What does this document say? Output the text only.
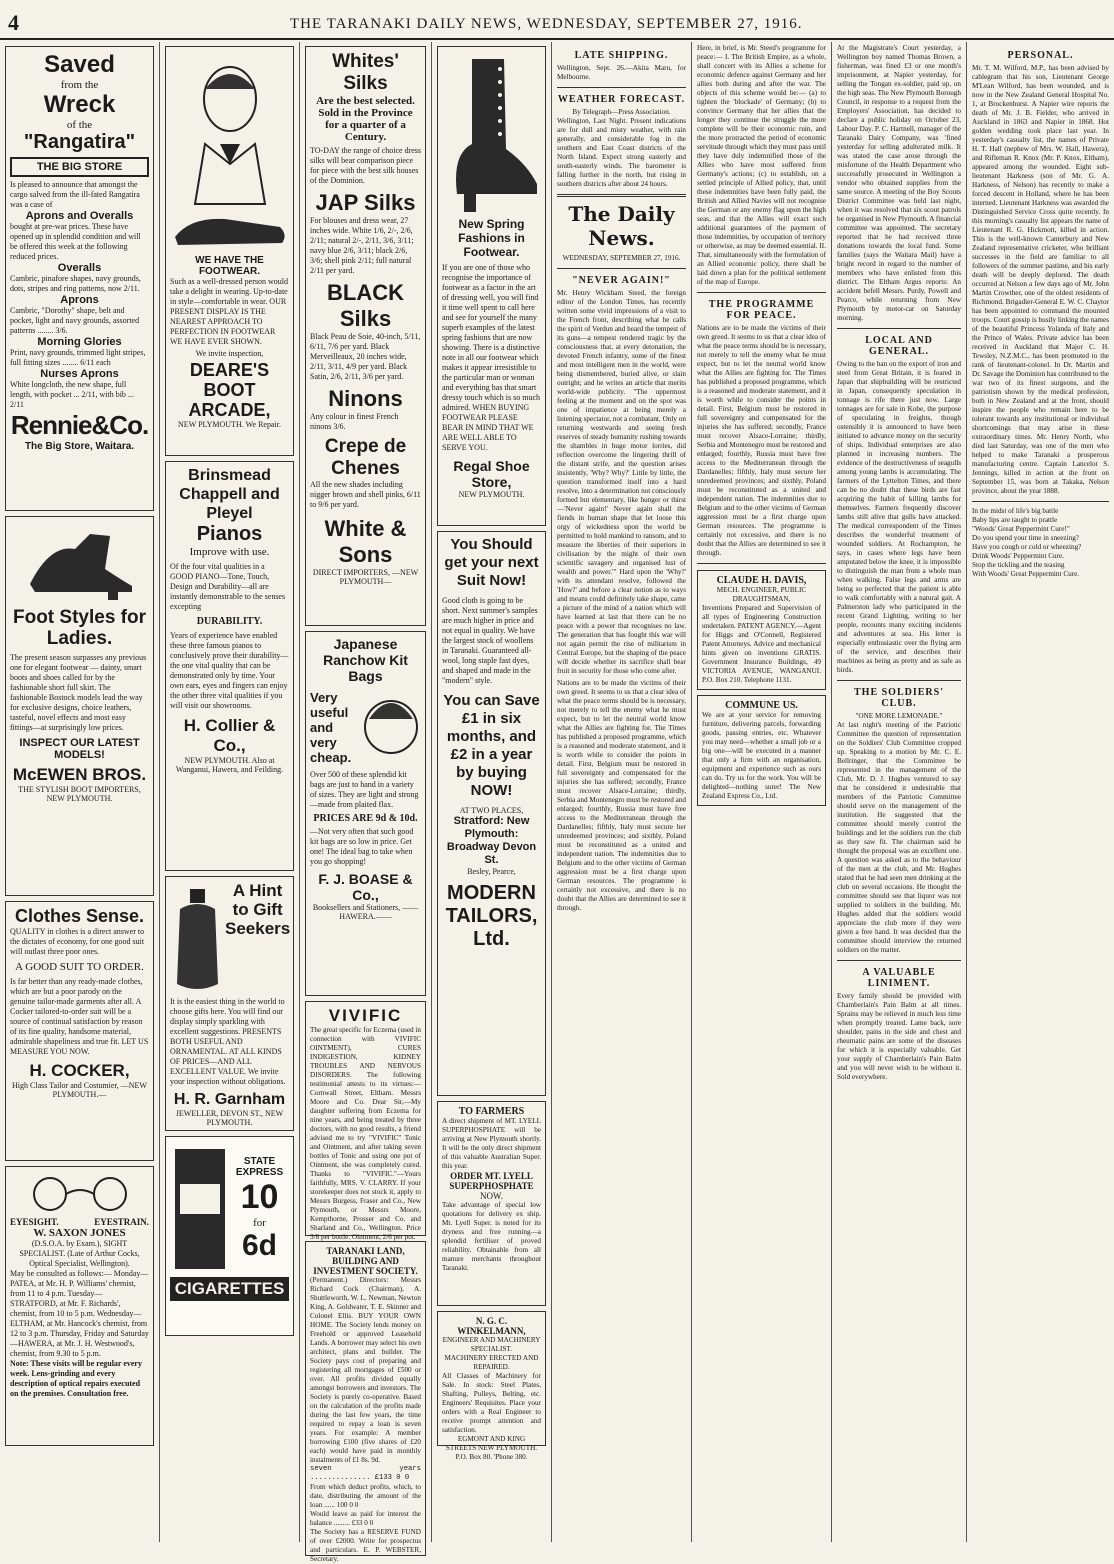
4	THE TARANAKI DAILY NEWS, WEDNESDAY, SEPTEMBER 27, 1916.
Saved
from the
Wreck
of the
"Rangatira"
THE BIG STORE
Is pleased to announce that amongst the cargo salved from the ill-fated Rangatira was a case of
Aprons and Overalls
bought at pre-war prices. These have opened up in splendid condition and will be offered this week at the following reduced prices.
Overalls
Cambric, pinafore shapes, navy grounds, dots, stripes and ring patterns, now 2/11.
Aprons
Cambric, "Dorothy" shape, belt and pocket, light and navy grounds, assorted patterns ........ 3/6.
Morning Glories
Print, navy grounds, trimmed light stripes, full fitting sizes ........ 6/11 each
Nurses Aprons
White longcloth, the new shape, full length, with pocket ... 2/11, with bib ... 2/11
Rennie&Co.
The Big Store, Waitara.
Foot Styles for Ladies.
The present season surpasses any previous one for elegant footwear — dainty, smart boots and shoes called for by the fashionable short full skirt. The fashionable Bostock models lead the way for exclusive designs, choice leathers, tasteful, novel effects and most easy fittings—at surprisingly low prices.
INSPECT OUR LATEST MODELS!
McEWEN BROS.
THE STYLISH BOOT IMPORTERS, NEW PLYMOUTH.
Clothes Sense.
QUALITY in clothes is a direct answer to the dictates of economy, for one good suit will outlast three poor ones.
A GOOD SUIT TO ORDER.
Is far better than any ready-made clothes, which are but a poor parody on the genuine tailor-made garments after all. A Cocker tailored-to-order suit will be a source of continual satisfaction by reason of its fine quality, handsome material, admirable shapeliness and true fit. LET US MEASURE YOU NOW.
H. COCKER,
High Class Tailor and Costumier, —NEW PLYMOUTH.—
EYESIGHT.	EYESTRAIN.
W. SAXON JONES
(D.S.O.A. by Exam.), SIGHT SPECIALIST. (Late of Arthur Cocks, Optical Specialist, Wellington).
May be consulted as follows:— Monday—PATEA, at Mr. H. P. Williams' chemist, from 11 to 4 p.m. Tuesday—STRATFORD, at Mr. F. Richards', chemist, from 10 to 5 p.m. Wednesday—ELTHAM, at Mr. Hancock's chemist, from 12 to 3 p.m. Thursday, Friday and Saturday—HAWERA, at Mr. J. H. Westwood's, chemist, from 9.30 to 5 p.m.
Note: These visits will be regular every week. Lens-grinding and every description of optical repairs executed on the premises. Consultation free.
WE HAVE THE FOOTWEAR.
Such as a well-dressed person would take a delight in wearing. Up-to-date in style—comfortable in wear. OUR PRESENT DISPLAY IS THE NEAREST APPROACH TO PERFECTION IN FOOTWEAR WE HAVE EVER SHOWN.
We invite inspection,
DEARE'S BOOT ARCADE,
NEW PLYMOUTH. We Repair.
Brinsmead Chappell and Pleyel
Pianos
Improve with use.
Of the four vital qualities in a GOOD PIANO—Tone, Touch, Design and Durability—all are instantly demonstrable to the senses excepting
DURABILITY.
Years of experience have enabled these three famous pianos to conclusively prove their durability—the one vital quality that can be demonstrated only by time. Your own ears, eyes and fingers can enjoy the other three vital qualities if you will visit our showrooms.
H. Collier & Co.,
NEW PLYMOUTH. Also at Wanganui, Hawera, and Feilding.
A Hint to Gift Seekers
It is the easiest thing in the world to choose gifts here. You will find our display simply sparkling with excellent suggestions. PRESENTS BOTH USEFUL AND ORNAMENTAL. AT ALL KINDS OF PRICES—AND ALL EXCELLENT VALUE. We invite your inspection without obligations.
H. R. Garnham
JEWELLER, DEVON ST., NEW PLYMOUTH.
STATE EXPRESS
10
for
6d
CIGARETTES
Whites' Silks
Are the best selected. Sold in the Province for a quarter of a Century.
TO-DAY the range of choice dress silks will bear comparison piece for piece with the best silk houses of the Dominion.
JAP Silks
For blouses and dress wear, 27 inches wide. White 1/6, 2/-, 2/6, 2/11; natural 2/-, 2/11, 3/6, 3/11; navy blue 2/6, 3/11; black 2/6, 3/6; shell pink 2/11; full natural 2/11 per yard.
BLACK Silks
Black Peau de Soie, 40-inch, 5/11, 6/11, 7/6 per yard. Black Merveilleaux, 20 inches wide, 2/11, 3/11, 4/9 per yard. Black Satin, 2/6, 2/11, 3/6 per yard.
Ninons
Any colour in finest French ninons 3/6.
Crepe de Chenes
All the new shades including nigger brown and shell pinks, 6/11 to 9/6 per yard.
White & Sons
DIRECT IMPORTERS, —NEW PLYMOUTH—
Japanese Ranchow Kit Bags
Very useful and very cheap.
Over 500 of these splendid kit bags are just to hand in a variety of sizes. They are light and strong—made from plaited flax.
PRICES ARE 9d & 10d.
—Not very often that such good kit bags are so low in price. Get one! The ideal bag to take when you go shopping!
F. J. BOASE & Co.,
Booksellers and Stationers, ——HAWERA.——
VIVIFIC
The great specific for Eczema (used in connection with VIVIFIC OINTMENT), CURES INDIGESTION, KIDNEY TROUBLES AND NERVOUS DISORDERS. The following testimonial attests to its virtues:— Cornwall Street, Eltham. Messrs Moore and Co. Dear Sir,—My daughter suffering from Eczema for nine years, and being treated by three doctors, with no good results, a friend advised me to try "VIVIFIC" Tonic and Ointment, and after taking seven bottles of Tonic and using one pot of Ointment, she was completely cured. Thanks to "VIVIFIC."—Yours faithfully, MRS. V. CLARRY. If your storekeeper does not stock it, apply to Messrs Burgess, Fraser and Co., New Plymouth, or Messrs Moore, Kempthorne, Prosser and Co. and Sharland and Co., Wellington. Price 3/6 per bottle. Ointment, 2/6 per pot.
TARANAKI LAND, BUILDING AND INVESTMENT SOCIETY.
(Permanent.) Directors: Messrs Richard Cock (Chairman), A. Shuttleworth, W. L. Newman, Newton King, A. Goldwater, T. E. Skinner and Colonel Ellis. BUY YOUR OWN HOME. The Society lends money on Freehold or approved Leasehold Lands. A borrower may select his own architect, plans and builder. The Society pays cost of preparing and registering all mortgages of £500 or over. All profits divided equally amongst borrowers and investors. The Society is purely co-operative. Based on the calculation of the profits made during the last few years, the time required to repay a loan is seven years. For example: A member borrowing £100 (five shares of £20 each) would have paid in monthly instalments of £1 8s. 9d.
seven years .............. £133 0 0
From which deduct profits, which, to date, distributing the amount of the loan ...... 100 0 0
Would leave as paid for interest the balance ......... £33 0 0
The Society has a RESERVE FUND of over £2000. Write for prospectus and particulars. E. P. WEBSTER, Secretary.
New Spring Fashions in Footwear.
If you are one of those who recognise the importance of footwear as a factor in the art of dressing well, you will find it time well spent to call here and see for yourself the many superb examples of the latest spring fashions that are now showing. There is a distinctive note in all our footwear which makes it appear irresistible to the particular man or woman and everything has that smart dressy touch which is so much admired. WHEN BUYING FOOTWEAR PLEASE BEAR IN MIND THAT WE ARE WELL ABLE TO SERVE YOU.
Regal Shoe Store,
NEW PLYMOUTH.
You Should get your next Suit Now!
Good cloth is going to be short. Next summer's samples are much higher in price and not equal in quality. We have the largest stock of woollens in Taranaki. Guaranteed all-wool, long staple fast dyes, and shaped and made in the "modern" style.
You can Save £1 in six months, and £2 in a year by buying NOW!
AT TWO PLACES,
Stratford: New Plymouth: Broadway Devon St.
Besley, Pearce,
MODERN TAILORS, Ltd.
TO FARMERS
A direct shipment of MT. LYELL SUPERPHOSPHATE will be arriving at New Plymouth shortly. It will be the only direct shipment of this valuable Australian Super. this year.
ORDER MT. LYELL
SUPERPHOSPHATE
NOW.
Take advantage of special low quotations for delivery ex ship. Mt. Lyell Super. is noted for its dryness and free running—a splendid fertiliser of proved reliability. Obtainable from all manure merchants throughout Taranaki.
N. G. C. WINKELMANN,
ENGINEER AND MACHINERY SPECIALIST.
MACHINERY ERECTED AND REPAIRED.
All Classes of Machinery for Sale. In stock: Steel Plates, Shafting, Pulleys, Belting, etc. Engineers' Requisites. Place your orders with a Real Engineer to receive prompt attention and satisfaction.
EGMONT AND KING STREETS NEW PLYMOUTH.
P.O. Box 80. 'Phone 380.
LATE SHIPPING.
Wellington, Sept. 26.—Akita Maru, for Melbourne.
WEATHER FORECAST.
By Telegraph—Press Association.
Wellington, Last Night. Present indications are for dull and misty weather, with rain generally, and considerable fog in the southern and East Coast districts of the North Island. Expect strong easterly and south-easterly winds. The barometer is falling further in the north, but rising in southern districts after about 24 hours.
The Daily News.
WEDNESDAY, SEPTEMBER 27, 1916.
"NEVER AGAIN!"
Mr. Henry Wickham Steed, the foreign editor of the London Times, has recently written some vivid impressions of a visit to the French front, describing what he calls the spirit of Verdun and heard the tempest of its guns—a tempest rendered tragic by the consciousness that, at every detonation, the devoted French infantry, some of the finest and most intelligent men in the world, were being dismembered, buried alive, or slain outright; and he writes an article that merits world-wide publicity. "The uppermost feeling at the moment and on the spot was one of impatience at being merely a listening spectator, not a combatant. Only on returning westwards and seeing fresh reserves of steady humanity rushing towards the shambles in huge motor lorries, did reflection overcome the lingering thrill of the distant strife, and the question arises insistently, 'Why? Why?' Little by little, the question transformed itself into a hard resolve, into a determination not consciously formed but elementary, like hunger or thirst—'Never again!' Never again shall the fiends in human shape that let loose this orgy of wickedness upon the world be permitted to hold mankind to ransom, and to measure the liberties of their superiors in civilisation by the might of their own scientific savagery and organised lust of wealth and power.'" Hard upon the 'Why?' with its attendant resolve, followed the 'How?' and before a clear notion as to ways and means could definitely take shape, came a picture of the mind of a nation which will have learned at last that there can be no peace with a power that recognises no law. The generation that has fought this war will not again permit the rise of militarism in Central Europe, but the shaping of the peace will decide whether its sacrifice shall bear fruit in security for those who come after.
Nations are to be made the victims of their own greed. It seems to us that a clear idea of what the peace terms should be is necessary, not merely to tell the enemy what he must expect, but to let the neutral world know what the Allies are fighting for. The Times has published a proposed programme, which is a reasoned and moderate statement, and it is worth while to consider the points in detail. First, Belgium must be restored in full sovereignty and compensated for the injuries she has suffered; secondly, France must recover Alsace-Lorraine; thirdly, Serbia and Montenegro must be restored and enlarged; fourthly, Russia must have free access to the Mediterranean through the Dardanelles; fifthly, Italy must secure her unredeemed provinces; and sixthly, Poland must be reconstituted as a united and independent nation. The indemnities due to Belgium and to the other victims of German aggression must be a first charge upon German resources. The programme is certainly not excessive, and there is no doubt that the Allies are determined to see it through.
Here, in brief, is Mr. Steed's programme for peace:— I. The British Empire, as a whole, shall concert with its Allies a scheme for economic defence against Germany and her allies both during and after the war. The objects of this scheme would be:— (a) to tighten the 'blockade' of Germany; (b) to convince Germany that her allies that the longer they continue the struggle the more complete will be their economic ruin, and the more protracted the period of economic servitude through which they must pass until they have duly indemnified those of the Allies who have most suffered from Germany's actions; (c) to establish, on a settled principle of Allied policy, that, until these indemnities have been fully paid, the British and Allied Navies will not recognise the German or any enemy flag upon the high seas, and that the Allies will exact such additional guarantees of the payment of those indemnities, by occupation of territory or otherwise, as may be deemed essential. II. That, simultaneously with the formulation of an Allied economic policy, there shall be laid down a plan for the political settlement of the map of Europe.
THE PROGRAMME FOR PEACE.
Nations are to be made the victims of their own greed. It seems to us that a clear idea of what the peace terms should be is necessary, not merely to tell the enemy what he must expect, but to let the neutral world know what the Allies are fighting for. The Times has published a proposed programme, which is a reasoned and moderate statement, and it is worth while to consider the points in detail. First, Belgium must be restored in full sovereignty and compensated for the injuries she has suffered; secondly, France must recover Alsace-Lorraine; thirdly, Serbia and Montenegro must be restored and enlarged; fourthly, Russia must have free access to the Mediterranean through the Dardanelles; fifthly, Italy must secure her unredeemed provinces; and sixthly, Poland must be reconstituted as a united and independent nation. The indemnities due to Belgium and to the other victims of German aggression must be a first charge upon German resources. The programme is certainly not excessive, and there is no doubt that the Allies are determined to see it through.
CLAUDE H. DAVIS,
MECH. ENGINEER, PUBLIC DRAUGHTSMAN,
Inventions Prepared and Supervision of all types of Engineering Construction undertaken. PATENT AGENCY.—Agent for Higgs and O'Connell, Registered Patent Attorneys. Advice and mechanical hints given on inventions GRATIS. Government Insurance Buildings, 49 VICTORIA AVENUE, WANGANUI. P.O. Box 210. Telephone 1131.
COMMUNE US.
We are at your service for removing furniture, delivering parcels, forwarding goods, passing entries, etc. Whatever you may need—whether a small job or a big one—will be executed in a manner that only a firm with an organisation, equipment and experience such as ours can do. Try us for the work. You will be delighted—nothing surer! The New Zealand Express Co., Ltd.
At the Magistrate's Court yesterday, a Wellington boy named Thomas Brown, a fisherman, was fined £3 or one month's imprisonment, at Napier yesterday, for selling the Tongan ex-soldier, paid up, on the high seas. The New Plymouth Borough Council, in response to a request from the Employers' Association, has decided to declare a public holiday on October 23, Labour Day. P. C. Hartnell, manager of the Taranaki Dairy Company, was 'fined yesterday for selling adulterated milk. It was stated the case arose through the misfortune of the Health Department who successfully prosecuted in Wellington a vendor who obtained supplies from the same source. A meeting of the Boy Scouts District Committee was held last night, when it was resolved that six scout patrols be organised in New Plymouth. A financial committee was appointed. The secretary reported that he had received three donations towards the local fund. Some families (says the Waitara Mail) have a bright record in regard to the number of members who have enlisted from this district. The Eltham Argus reports: An accident befell Messrs. Purdy, Powell and Pearce, while returning from New Plymouth by motor-car on Saturday morning.
LOCAL AND GENERAL.
Owing to the ban on the export of iron and steel from Great Britain, it is feared in Japan that shipbuilding will be restricted in Japan, consequently speculation in tonnage is rife there just now. Large tonnages are for sale in Kobe, the purpose of speculating in freights, though ostensibly it is announced to have been initiated to advance money on the security of ships. Individual enterprises are also planned in increasing numbers. The evidence of the destructiveness of seagulls among young lambs is accumulating. The farmers of the Lyttelton Times, and there can be no doubt that these birds are fast acquiring the habit of killing lambs for themselves. Farmers frequently discover lambs still alive that gulls have attacked. The medical correspondent of the Times describes the wonderful treatment of wounded soldiers. At Rochampton, he says, in cases where legs have been amputated below the knee, it is impossible to distinguish the man from a whole man when walking. False legs and arms are being so perfected that the patient is able to walk comfortably with a natural gait. A Palmerston lady who participated in the recent Grand Lighting, writing to her people, recounts many exciting incidents and adventures at sea. His letter is especially enthusiastic over the flying arm of the service, and describes their machines as being as pretty and as safe as birds.
THE SOLDIERS' CLUB.
"ONE MORE LEMONADE."
At last night's meeting of the Patriotic Committee the question of representation on the Soldiers' Club Committee cropped up. Speaking to a motion by Mr. C. E. Bellringer, that the Committee be represented in the management of the Club, Mr. D. J. Hughes ventured to say that he considered it undesirable that members of the Patriotic Committee should serve on the management of the institution. He suggested that the committee should merely control the buildings and let the soldiers run the club as they saw fit. The chairman said he thought the proposal was an excellent one. A question was asked as to the behaviour of the men at the club, and Mr. Hughes stated that he had seen men drinking at the club on several occasions. He thought the committee should see that liquor was not supplied to soldiers in the building. Mr. Hughes added that the soldiers would appreciate the club more if they were given a free hand. It was decided that the committee should interview the returned soldiers on the matter.
A VALUABLE LINIMENT.
Every family should be provided with Chamberlain's Pain Balm at all times. Sprains may be relieved in much less time when promptly treated. Lame back, sore shoulder, pains in the side and chest and rheumatic pains are some of the diseases for which it is especially valuable. Get your supply of Chamberlain's Pain Balm and you will never wish to be without it. Sold everywhere.
PERSONAL.
Mr. T. M. Wilford, M.P., has been advised by cablegram that his son, Lieutenant George M'Lean Wilford, has been wounded, and is now in the New Zealand General Hospital No. 1, at Brockenhurst. A Napier wire reports the death of Mr. J. B. Fielder, who arrived in Auckland in 1863 and Napier in 1868. Hot golden wedding took place last year. In yesterday's casualty list, the names of Private H. T. Hall (nephew of Mrs. W. Hall, Hawera), and Rifleman R. Knox (Mr. P. Knox, Eltham), appeared among the wounded. Eight sub-lieutenant Harkness (son of Mr. G. A. Harkness, of Nelson) has recently to make a forced descent in Holland, where he has been interned. Lieutenant Harkness was awarded the Distinguished Service Cross quite recently. In this morning's casualty list appears the name of Lieutenant R. G. Hickmott, killed in action. This is the well-known Canterbury and New Zealand representative cricketer, who brilliant successes in the field are familiar to all followers of the summer pastime, and his early death will be deeply deplored. The death occurred at Nelson a few days ago of Mr. John Martin Crowther, one of the oldest residents of Richmond. Brigadier-General E. W. C. Chaytor has been appointed to command the mounted troops. Court gossip is busily linking the names of the beautiful Princess Yolanda of Italy and the Prince of Wales. Private advice has been received in Auckland that Major C. H. Tewsley, N.Z.M.C., has been promoted to the rank of lieutenant-colonel. In Dr. Martin and Dr. Savage the Dominion has contributed to the war two of its finest surgeons, and the patriotism shown by the medical profession, both in New Zealand and at the front, should inspire the people who remain here to be tolerant towards any institutional or individual shortcomings that may arise in these extraordinary times. Mr. Henry North, who died last Saturday, was one of the men who helped to make Taranaki a prosperous manufacturing centre. Captain Lancelot S. Jennings, killed in action at the front on September 15, was born at Takaka, Nelson province, about the year 1888.
In the midst of life's big battle
Baby lips are taught to prattle
"Woods' Great Peppermint Cure!"
Do you spend your time in sneezing?
Have you cough or cold or wheezing?
Drink Woods' Peppermint Cure.
Stop the tickling and the teasing
With Woods' Great Peppermint Cure.
